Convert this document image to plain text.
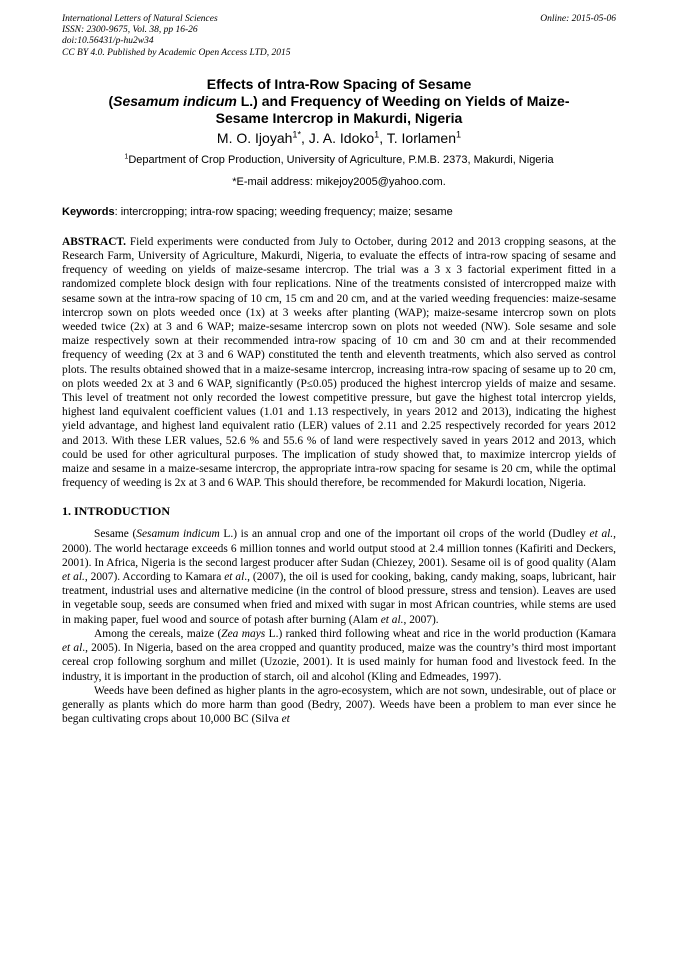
International Letters of Natural Sciences
ISSN: 2300-9675, Vol. 38, pp 16-26
doi:10.56431/p-hu2w34
CC BY 4.0. Published by Academic Open Access LTD, 2015
Online: 2015-05-06
Effects of Intra-Row Spacing of Sesame
(Sesamum indicum L.) and Frequency of Weeding on Yields of Maize-
Sesame Intercrop in Makurdi, Nigeria
M. O. Ijoyah$^{1*}$, J. A. Idoko$^1$, T. Iorlamen$^1$
$^1$Department of Crop Production, University of Agriculture, P.M.B. 2373, Makurdi, Nigeria
*E-mail address: mikejoy2005@yahoo.com.
Keywords: intercropping; intra-row spacing; weeding frequency; maize; sesame
ABSTRACT. Field experiments were conducted from July to October, during 2012 and 2013 cropping seasons, at the Research Farm, University of Agriculture, Makurdi, Nigeria, to evaluate the effects of intra-row spacing of sesame and frequency of weeding on yields of maize-sesame intercrop. The trial was a 3 x 3 factorial experiment fitted in a randomized complete block design with four replications. Nine of the treatments consisted of intercropped maize with sesame sown at the intra-row spacing of 10 cm, 15 cm and 20 cm, and at the varied weeding frequencies: maize-sesame intercrop sown on plots weeded once (1x) at 3 weeks after planting (WAP); maize-sesame intercrop sown on plots weeded twice (2x) at 3 and 6 WAP; maize-sesame intercrop sown on plots not weeded (NW). Sole sesame and sole maize respectively sown at their recommended intra-row spacing of 10 cm and 30 cm and at their recommended frequency of weeding (2x at 3 and 6 WAP) constituted the tenth and eleventh treatments, which also served as control plots. The results obtained showed that in a maize-sesame intercrop, increasing intra-row spacing of sesame up to 20 cm, on plots weeded 2x at 3 and 6 WAP, significantly (P≤0.05) produced the highest intercrop yields of maize and sesame. This level of treatment not only recorded the lowest competitive pressure, but gave the highest total intercrop yields, highest land equivalent coefficient values (1.01 and 1.13 respectively, in years 2012 and 2013), indicating the highest yield advantage, and highest land equivalent ratio (LER) values of 2.11 and 2.25 respectively recorded for years 2012 and 2013. With these LER values, 52.6 % and 55.6 % of land were respectively saved in years 2012 and 2013, which could be used for other agricultural purposes. The implication of study showed that, to maximize intercrop yields of maize and sesame in a maize-sesame intercrop, the appropriate intra-row spacing for sesame is 20 cm, while the optimal frequency of weeding is 2x at 3 and 6 WAP. This should therefore, be recommended for Makurdi location, Nigeria.
1. INTRODUCTION

Sesame (Sesamum indicum L.) is an annual crop and one of the important oil crops of the world (Dudley et al., 2000). The world hectarage exceeds 6 million tonnes and world output stood at 2.4 million tonnes (Kafiriti and Deckers, 2001). In Africa, Nigeria is the second largest producer after Sudan (Chiezey, 2001). Sesame oil is of good quality (Alam et al., 2007). According to Kamara et al., (2007), the oil is used for cooking, baking, candy making, soaps, lubricant, hair treatment, industrial uses and alternative medicine (in the control of blood pressure, stress and tension). Leaves are used in vegetable soup, seeds are consumed when fried and mixed with sugar in most African countries, while stems are used in making paper, fuel wood and source of potash after burning (Alam et al., 2007).

Among the cereals, maize (Zea mays L.) ranked third following wheat and rice in the world production (Kamara et al., 2005). In Nigeria, based on the area cropped and quantity produced, maize was the country’s third most important cereal crop following sorghum and millet (Uzozie, 2001). It is used mainly for human food and livestock feed. In the industry, it is important in the production of starch, oil and alcohol (Kling and Edmeades, 1997).

Weeds have been defined as higher plants in the agro-ecosystem, which are not sown, undesirable, out of place or generally as plants which do more harm than good (Bedry, 2007). Weeds have been a problem to man ever since he began cultivating crops about 10,000 BC (Silva et
